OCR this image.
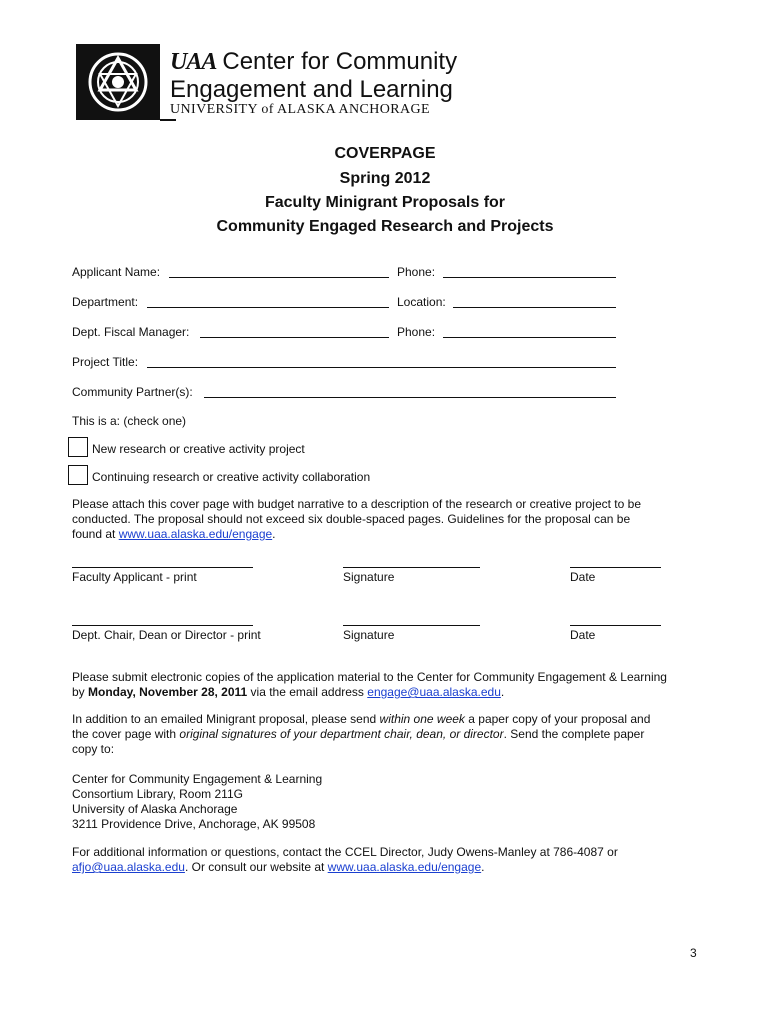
UAA Center for Community
Engagement and Learning
UNIVERSITY of ALASKA ANCHORAGE
COVERPAGE
Spring 2012
Faculty Minigrant Proposals for
Community Engaged Research and Projects
Applicant Name:	Phone:
Department:	Location:
Dept. Fiscal Manager:	Phone:
Project Title:
Community Partner(s):
This is a: (check one)
New research or creative activity project
Continuing research or creative activity collaboration
Please attach this cover page with budget narrative to a description of the research or creative project to be
conducted. The proposal should not exceed six double-spaced pages. Guidelines for the proposal can be
found at www.uaa.alaska.edu/engage.
Faculty Applicant - print	Signature	Date
Dept. Chair, Dean or Director - print	Signature	Date
Please submit electronic copies of the application material to the Center for Community Engagement & Learning
by Monday, November 28, 2011 via the email address engage@uaa.alaska.edu.
In addition to an emailed Minigrant proposal, please send within one week a paper copy of your proposal and
the cover page with original signatures of your department chair, dean, or director. Send the complete paper
copy to:
Center for Community Engagement & Learning
Consortium Library, Room 211G
University of Alaska Anchorage
3211 Providence Drive, Anchorage, AK 99508
For additional information or questions, contact the CCEL Director, Judy Owens-Manley at 786-4087 or
afjo@uaa.alaska.edu. Or consult our website at www.uaa.alaska.edu/engage.
3
